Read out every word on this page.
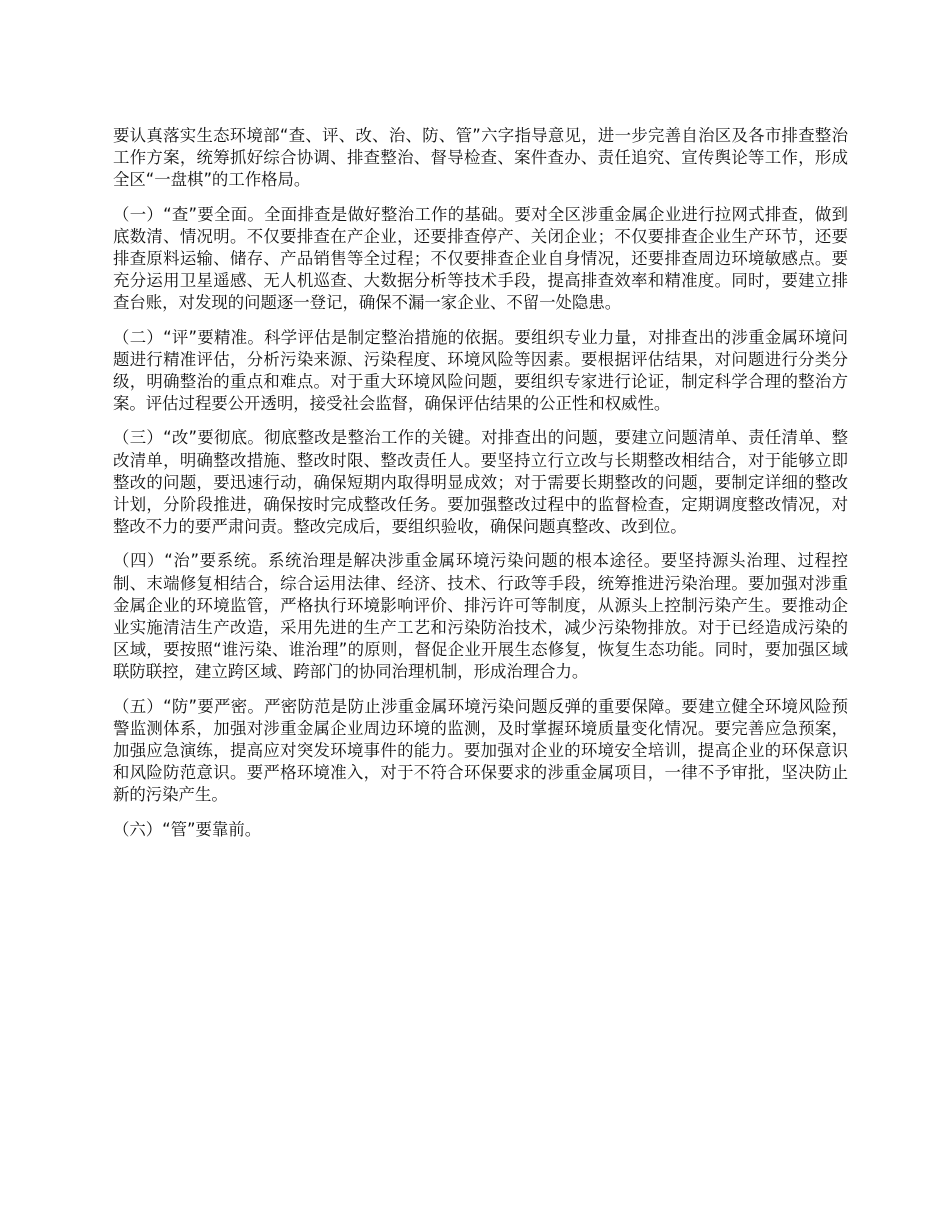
要认真落实生态环境部“查、评、改、治、防、管”六字指导意见，进一步完善自治区及各市排查整治工作方案，统筹抓好综合协调、排查整治、督导检查、案件查办、责任追究、宣传舆论等工作，形成全区“一盘棋”的工作格局。

（一）“查”要全面。全面排查是做好整治工作的基础。要对全区涉重金属企业进行拉网式排查，做到底数清、情况明。不仅要排查在产企业，还要排查停产、关闭企业；不仅要排查企业生产环节，还要排查原料运输、储存、产品销售等全过程；不仅要排查企业自身情况，还要排查周边环境敏感点。要充分运用卫星遥感、无人机巡查、大数据分析等技术手段，提高排查效率和精准度。同时，要建立排查台账，对发现的问题逐一登记，确保不漏一家企业、不留一处隐患。

（二）“评”要精准。科学评估是制定整治措施的依据。要组织专业力量，对排查出的涉重金属环境问题进行精准评估，分析污染来源、污染程度、环境风险等因素。要根据评估结果，对问题进行分类分级，明确整治的重点和难点。对于重大环境风险问题，要组织专家进行论证，制定科学合理的整治方案。评估过程要公开透明，接受社会监督，确保评估结果的公正性和权威性。

（三）“改”要彻底。彻底整改是整治工作的关键。对排查出的问题，要建立问题清单、责任清单、整改清单，明确整改措施、整改时限、整改责任人。要坚持立行立改与长期整改相结合，对于能够立即整改的问题，要迅速行动，确保短期内取得明显成效；对于需要长期整改的问题，要制定详细的整改计划，分阶段推进，确保按时完成整改任务。要加强整改过程中的监督检查，定期调度整改情况，对整改不力的要严肃问责。整改完成后，要组织验收，确保问题真整改、改到位。

（四）“治”要系统。系统治理是解决涉重金属环境污染问题的根本途径。要坚持源头治理、过程控制、末端修复相结合，综合运用法律、经济、技术、行政等手段，统筹推进污染治理。要加强对涉重金属企业的环境监管，严格执行环境影响评价、排污许可等制度，从源头上控制污染产生。要推动企业实施清洁生产改造，采用先进的生产工艺和污染防治技术，减少污染物排放。对于已经造成污染的区域，要按照“谁污染、谁治理”的原则，督促企业开展生态修复，恢复生态功能。同时，要加强区域联防联控，建立跨区域、跨部门的协同治理机制，形成治理合力。

（五）“防”要严密。严密防范是防止涉重金属环境污染问题反弹的重要保障。要建立健全环境风险预警监测体系，加强对涉重金属企业周边环境的监测，及时掌握环境质量变化情况。要完善应急预案，加强应急演练，提高应对突发环境事件的能力。要加强对企业的环境安全培训，提高企业的环保意识和风险防范意识。要严格环境准入，对于不符合环保要求的涉重金属项目，一律不予审批，坚决防止新的污染产生。

（六）“管”要靠前。
